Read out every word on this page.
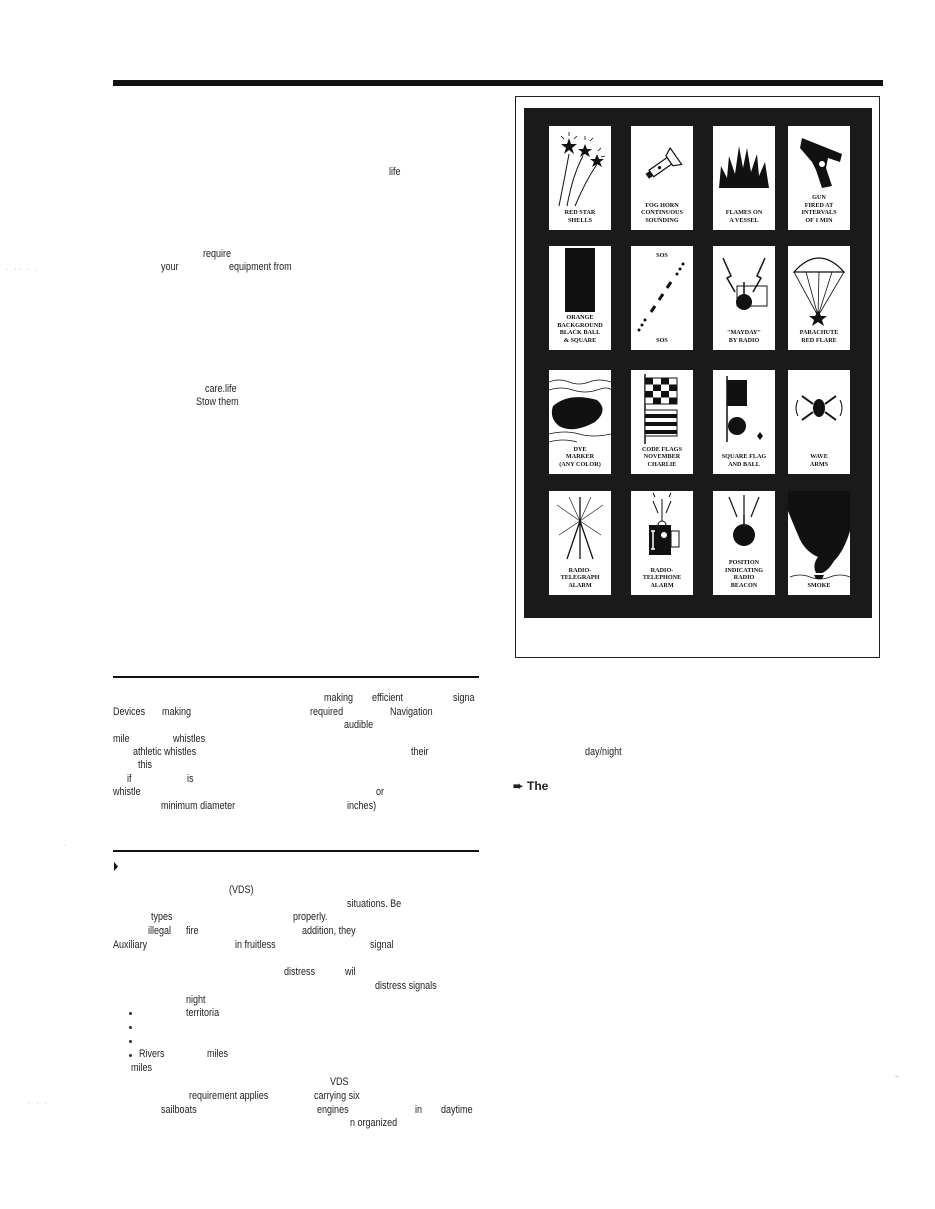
life
require
your	equipment from
care.life
Stow them
· ·· · .
·
· · ·
making efficient	signa
Devices making	required	Navigation
audible
mile	whistles
athletic whistles	their
this
if	is
whistle	or
minimum diameter	inches)
(VDS)
situations. Be
types	properly.
illegal fire	addition, they
Auxiliary	in fruitless	signal
distress	wil
distress signals
night
territoria
Rivers	miles
miles
VDS
requirement applies	carrying six
sailboats	engines	in daytime
n organized
day/night
➨ The
~
RED STAR
SHELLS
FOG HORN
CONTINUOUS
SOUNDING
FLAMES ON
A VESSEL
GUN
FIRED AT
INTERVALS
OF 1 MIN
ORANGE
BACKGROUND
BLACK BALL
& SQUARE
SOS
SOS
"MAYDAY"
BY RADIO
PARACHUTE
RED FLARE
DYE
MARKER
(ANY COLOR)
CODE FLAGS
NOVEMBER
CHARLIE
SQUARE FLAG
AND BALL
WAVE
ARMS
RADIO-
TELEGRAPH
ALARM
RADIO-
TELEPHONE
ALARM
POSITION
INDICATING
RADIO
BEACON	SMOKE
